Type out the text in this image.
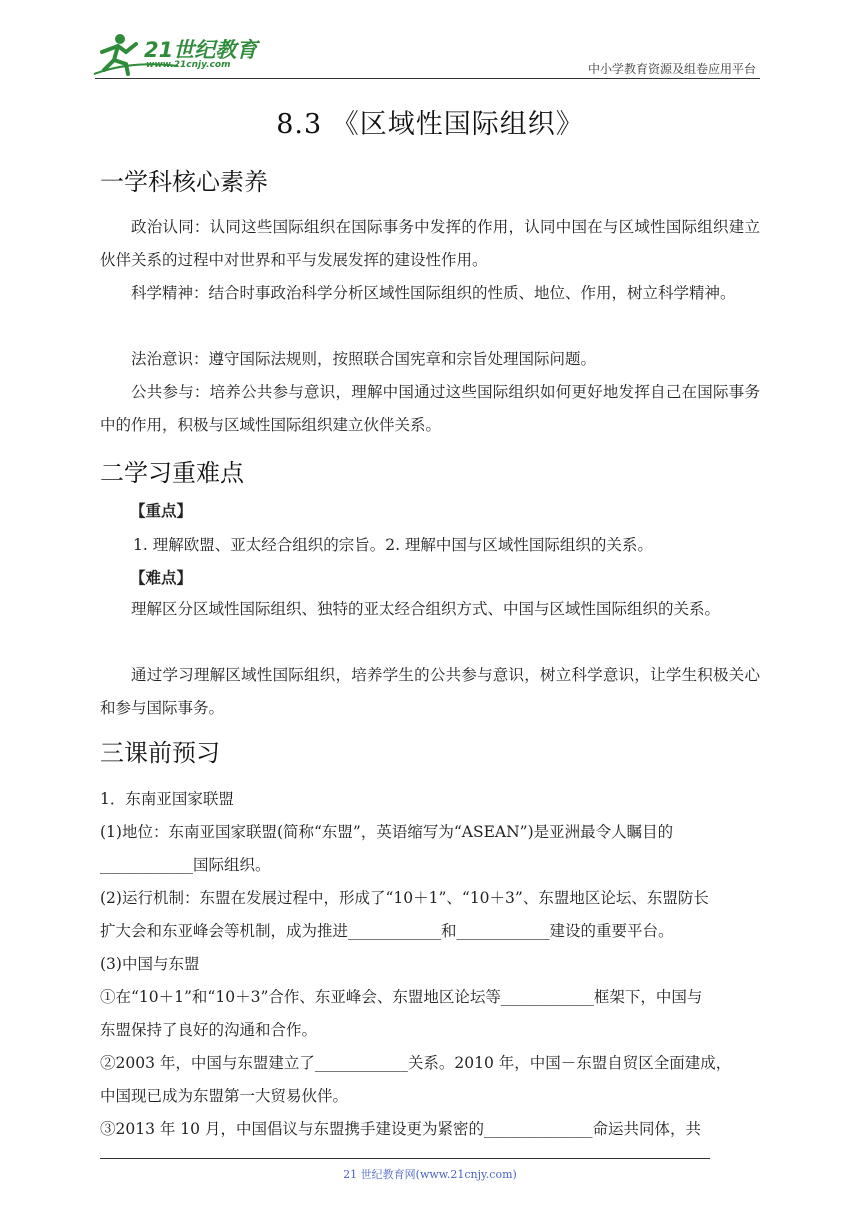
21世纪教育
www.21cnjy.com	中小学教育资源及组卷应用平台
8.3 《区域性国际组织》
一学科核心素养
政治认同：认同这些国际组织在国际事务中发挥的作用，认同中国在与区域性国际组织建立伙伴关系的过程中对世界和平与发展发挥的建设性作用。
科学精神：结合时事政治科学分析区域性国际组织的性质、地位、作用，树立科学精神。
法治意识：遵守国际法规则，按照联合国宪章和宗旨处理国际问题。
公共参与：培养公共参与意识，理解中国通过这些国际组织如何更好地发挥自己在国际事务中的作用，积极与区域性国际组织建立伙伴关系。
二学习重难点
【重点】
1. 理解欧盟、亚太经合组织的宗旨。2. 理解中国与区域性国际组织的关系。
【难点】
理解区分区域性国际组织、独特的亚太经合组织方式、中国与区域性国际组织的关系。
通过学习理解区域性国际组织，培养学生的公共参与意识，树立科学意识，让学生积极关心和参与国际事务。
三课前预习
1．东南亚国家联盟
(1)地位：东南亚国家联盟(简称“东盟”，英语缩写为“ASEAN”)是亚洲最令人瞩目的
____________国际组织。
(2)运行机制：东盟在发展过程中，形成了“10＋1”、“10＋3”、东盟地区论坛、东盟防长
扩大会和东亚峰会等机制，成为推进____________和____________建设的重要平台。
(3)中国与东盟
①在“10＋1”和“10＋3”合作、东亚峰会、东盟地区论坛等____________框架下，中国与
东盟保持了良好的沟通和合作。
②2003 年，中国与东盟建立了____________关系。2010 年，中国－东盟自贸区全面建成，
中国现已成为东盟第一大贸易伙伴。
③2013 年 10 月，中国倡议与东盟携手建设更为紧密的______________命运共同体，共
21 世纪教育网(www.21cnjy.com)
